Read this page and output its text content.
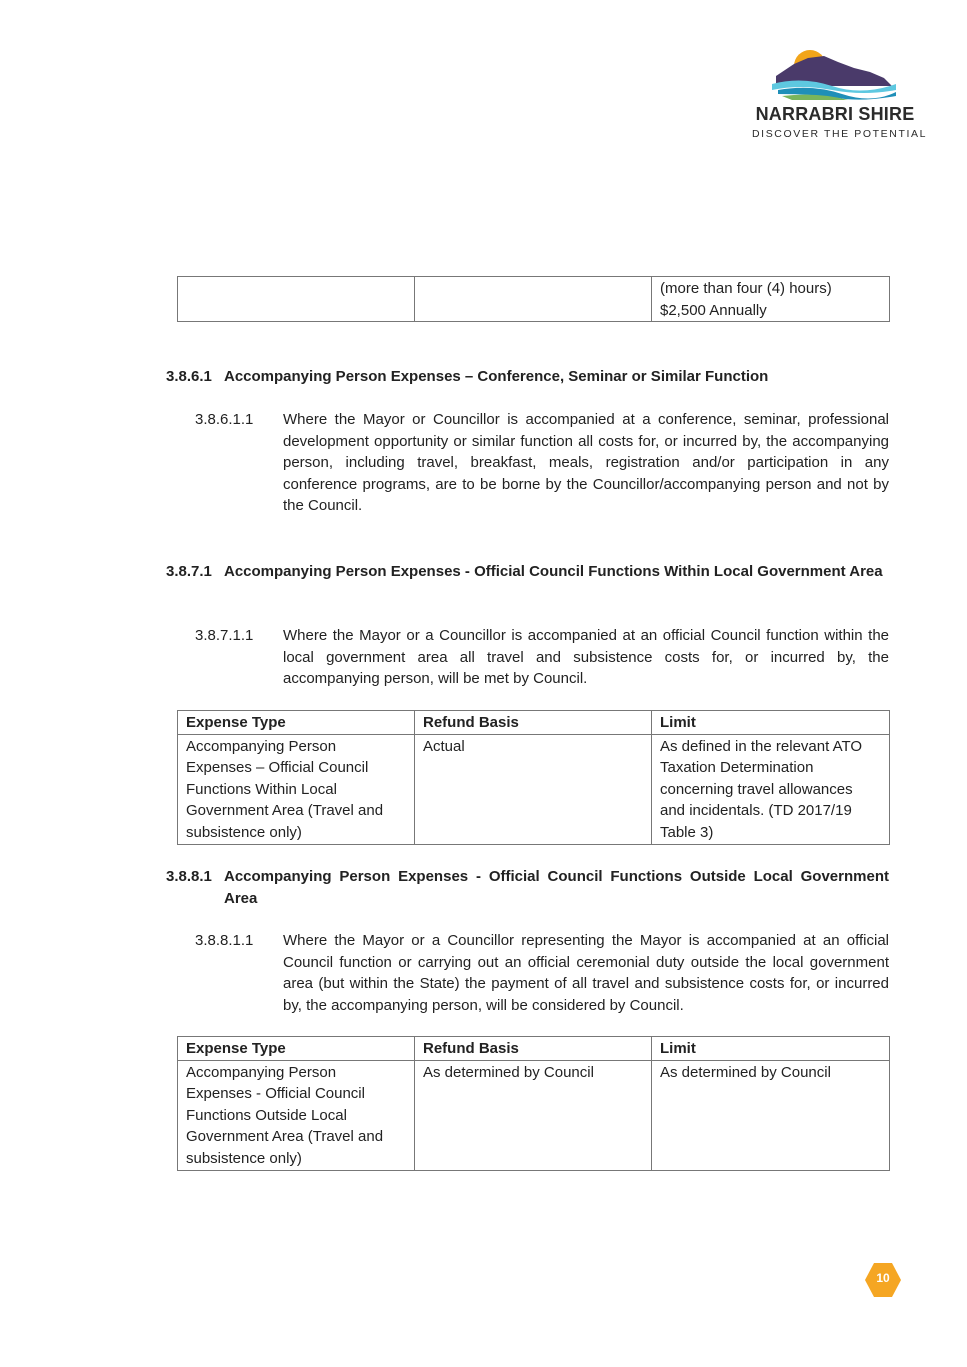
NARRABRI SHIRE
DISCOVER THE POTENTIAL
		(more than four (4) hours) $2,500 Annually
3.8.6.1 Accompanying Person Expenses – Conference, Seminar or Similar Function
3.8.6.1.1 Where the Mayor or Councillor is accompanied at a conference, seminar, professional development opportunity or similar function all costs for, or incurred by, the accompanying person, including travel, breakfast, meals, registration and/or participation in any conference programs, are to be borne by the Councillor/accompanying person and not by the Council.
3.8.7.1 Accompanying Person Expenses - Official Council Functions Within Local Government Area
3.8.7.1.1 Where the Mayor or a Councillor is accompanied at an official Council function within the local government area all travel and subsistence costs for, or incurred by, the accompanying person, will be met by Council.
Expense Type	Refund Basis	Limit
Accompanying Person Expenses – Official Council Functions Within Local Government Area (Travel and subsistence only)	Actual	As defined in the relevant ATO Taxation Determination concerning travel allowances and incidentals. (TD 2017/19 Table 3)
3.8.8.1 Accompanying Person Expenses - Official Council Functions Outside Local Government Area
3.8.8.1.1 Where the Mayor or a Councillor representing the Mayor is accompanied at an official Council function or carrying out an official ceremonial duty outside the local government area (but within the State) the payment of all travel and subsistence costs for, or incurred by, the accompanying person, will be considered by Council.
Expense Type	Refund Basis	Limit
Accompanying Person Expenses - Official Council Functions Outside Local Government Area (Travel and subsistence only)	As determined by Council	As determined by Council
10
